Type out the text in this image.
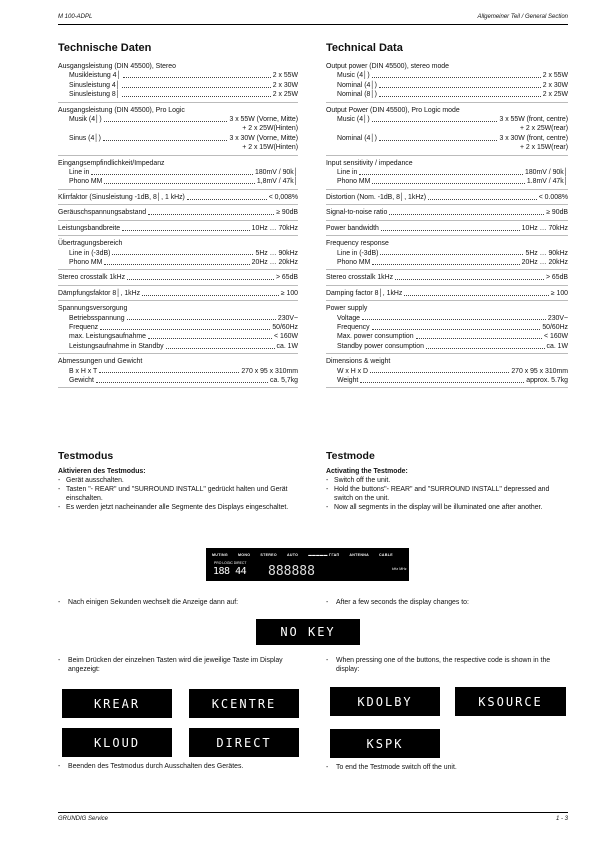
M 100-ADPL	Allgemeiner Teil / General Section
Technische Daten
Ausgangsleistung (DIN 45500), Stereo
Musikleistung 4│	2 x 55W
Sinusleistung 4│	2 x 30W
Sinusleistung 8│	2 x 25W
Ausgangsleistung (DIN 45500), Pro Logic
Musik (4│)	3 x 55W (Vorne, Mitte)
+ 2 x 25W(Hinten)
Sinus (4│)	3 x 30W (Vorne, Mitte)
+ 2 x 15W(Hinten)
Eingangsempfindlichkeit/Impedanz
Line in	180mV / 90k│
Phono MM	1,8mV / 47k│
Klirrfaktor (Sinusleistung -1dB, 8│, 1 kHz)	˂ 0,008%
Geräuschspannungsabstand	≥ 90dB
Leistungsbandbreite	10Hz … 70kHz
Übertragungsbereich
Line in (-3dB)	5Hz … 90kHz
Phono MM	20Hz … 20kHz
Stereo crosstalk 1kHz	> 65dB
Dämpfungsfaktor 8│, 1kHz	≥ 100
Spannungsversorgung
Betriebsspannung	230V~
Frequenz	50/60Hz
max. Leistungsaufnahme	< 160W
Leistungsaufnahme in Standby	ca. 1W
Abmessungen und Gewicht
B x H x T	270 x 95 x 310mm
Gewicht	ca. 5,7kg
Technical Data
Output power (DIN 45500), stereo mode
Music (4│)	2 x 55W
Nominal (4│)	2 x 30W
Nominal (8│)	2 x 25W
Output Power (DIN 45500), Pro Logic mode
Music (4│)	3 x 55W (front, centre)
+ 2 x 25W(rear)
Nominal (4│)	3 x 30W (front, centre)
+ 2 x 15W(rear)
Input sensitivity / impedance
Line in	180mV / 90k│
Phono MM	1.8mV / 47k│
Distortion (Nom. -1dB, 8│, 1kHz)	˂ 0.008%
Signal-to-noise ratio	≥ 90dB
Power bandwidth	10Hz … 70kHz
Frequency response
Line in (-3dB)	5Hz … 90kHz
Phono MM	20Hz … 20kHz
Stereo crosstalk 1kHz	> 65dB
Damping factor 8│, 1kHz	≥ 100
Power supply
Voltage	230V~
Frequency	50/60Hz
Max. power consumption	< 160W
Standby power consumption	ca. 1W
Dimensions & weight
W x H x D	270 x 95 x 310mm
Weight	approx. 5.7kg
Testmodus
Aktivieren des Testmodus:
- Gerät ausschalten.
- Tasten "- REAR" und "SURROUND INSTALL" gedrückt halten und Gerät einschalten.
- Es werden jetzt nacheinander alle Segmente des Displays eingeschaltet.
Testmode
Activating the Testmode:
- Switch off the unit.
- Hold the buttons"- REAR" and "SURROUND INSTALL" depressed and switch on the unit.
- Now all segments in the display will be illuminated one after another.
MUTING	MONO	STEREO	AUTO	▬▬▬▬▬ ΓΓΔΠ	ANTENNA	CABLE
PRO LOGIC DIRECT
188 44 888888	kHz MHz
- Nach einigen Sekunden wechselt die Anzeige dann auf:	- After a few seconds the display changes to:
NO KEY
- Beim Drücken der einzelnen Tasten wird die jeweilige Taste im Display angezeigt:
- When pressing one of the buttons, the respective code is shown in the display:
KREAR	KCENTRE	KDOLBY	KSOURCE
KLOUD	DIRECT	KSPK
- Beenden des Testmodus durch Ausschalten des Gerätes.	- To end the Testmode switch off the unit.
GRUNDIG Service	1 - 3
